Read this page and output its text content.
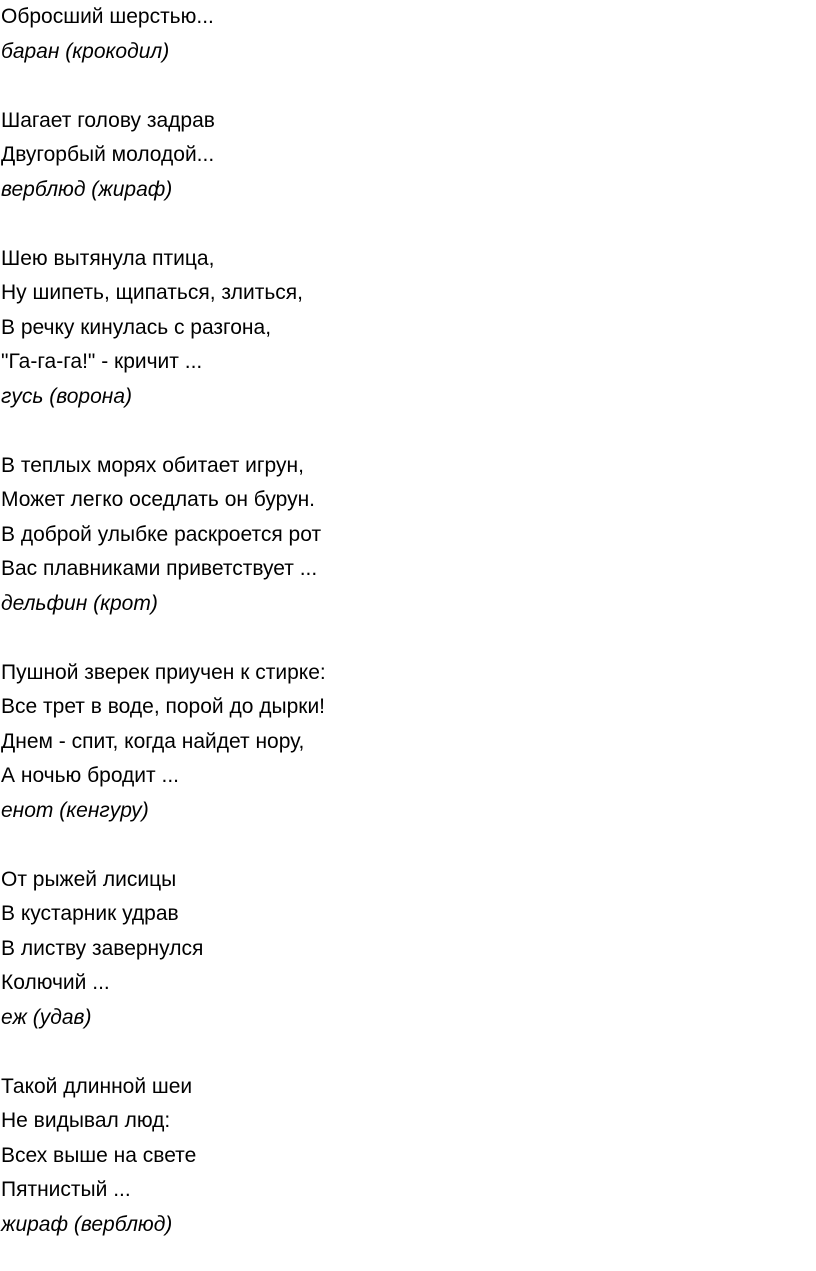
Обросший шерстью...
баран (крокодил)
Шагает голову задрав
Двугорбый молодой...
верблюд (жираф)
Шею вытянула птица,
Ну шипеть, щипаться, злиться,
В речку кинулась с разгона,
"Га-га-га!" - кричит ...
гусь (ворона)
В теплых морях обитает игрун,
Может легко оседлать он бурун.
В доброй улыбке раскроется рот
Вас плавниками приветствует ...
дельфин (крот)
Пушной зверек приучен к стирке:
Все трет в воде, порой до дырки!
Днем - спит, когда найдет нору,
А ночью бродит ...
енот (кенгуру)
От рыжей лисицы
В кустарник удрав
В листву завернулся
Колючий ...
еж (удав)
Такой длинной шеи
Не видывал люд:
Всех выше на свете
Пятнистый ...
жираф (верблюд)
